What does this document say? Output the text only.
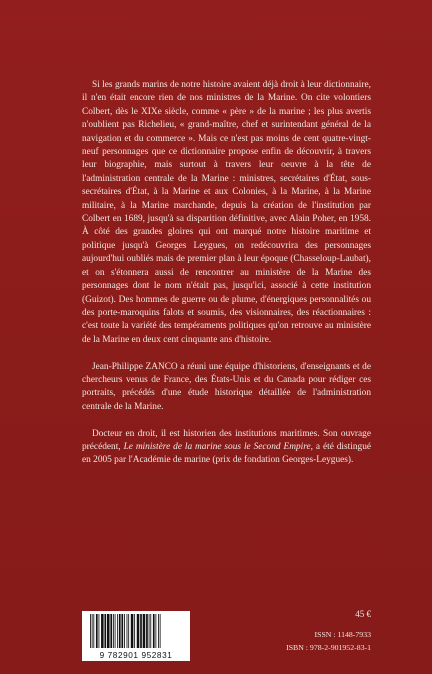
Si les grands marins de notre histoire avaient déjà droit à leur dictionnaire, il n'en était encore rien de nos ministres de la Marine. On cite volontiers Colbert, dès le XIXe siècle, comme « père » de la marine ; les plus avertis n'oublient pas Richelieu, « grand-maître, chef et surintendant général de la navigation et du commerce ». Mais ce n'est pas moins de cent quatre-vingt-neuf personnages que ce dictionnaire propose enfin de découvrir, à travers leur biographie, mais surtout à travers leur oeuvre à la tête de l'administration centrale de la Marine : ministres, secrétaires d'État, sous-secrétaires d'État, à la Marine et aux Colonies, à la Marine, à la Marine militaire, à la Marine marchande, depuis la création de l'institution par Colbert en 1689, jusqu'à sa disparition définitive, avec Alain Poher, en 1958. À côté des grandes gloires qui ont marqué notre histoire maritime et politique jusqu'à Georges Leygues, on redécouvrira des personnages aujourd'hui oubliés mais de premier plan à leur époque (Chasseloup-Laubat), et on s'étonnera aussi de rencontrer au ministère de la Marine des personnages dont le nom n'était pas, jusqu'ici, associé à cette institution (Guizot). Des hommes de guerre ou de plume, d'énergiques personnalités ou des porte-maroquins falots et soumis, des visionnaires, des réactionnaires : c'est toute la variété des tempéraments politiques qu'on retrouve au ministère de la Marine en deux cent cinquante ans d'histoire.

Jean-Philippe ZANCO a réuni une équipe d'historiens, d'enseignants et de chercheurs venus de France, des États-Unis et du Canada pour rédiger ces portraits, précédés d'une étude historique détaillée de l'administration centrale de la Marine.

Docteur en droit, il est historien des institutions maritimes. Son ouvrage précédent, Le ministère de la marine sous le Second Empire, a été distingué en 2005 par l'Académie de marine (prix de fondation Georges-Leygues).

9 782901 952831
45 €
ISSN : 1148-7933
ISBN : 978-2-901952-83-1
